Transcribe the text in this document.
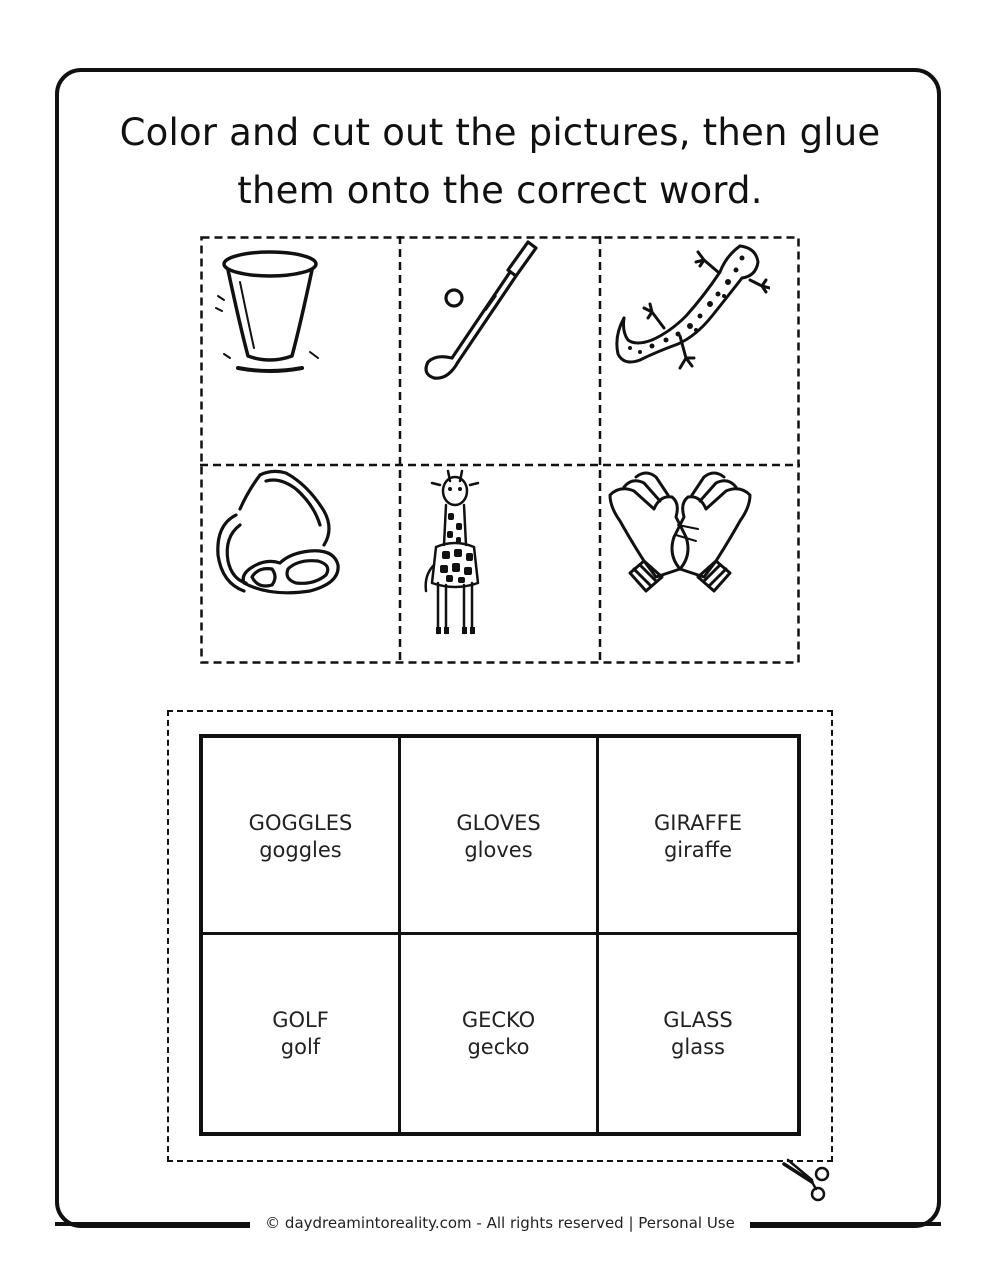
Color and cut out the pictures, then glue
them onto the correct word.
GOGGLES
goggles
GLOVES
gloves
GIRAFFE
giraffe
GOLF
golf
GECKO
gecko
GLASS
glass
© daydreamintoreality.com - All rights reserved | Personal Use
